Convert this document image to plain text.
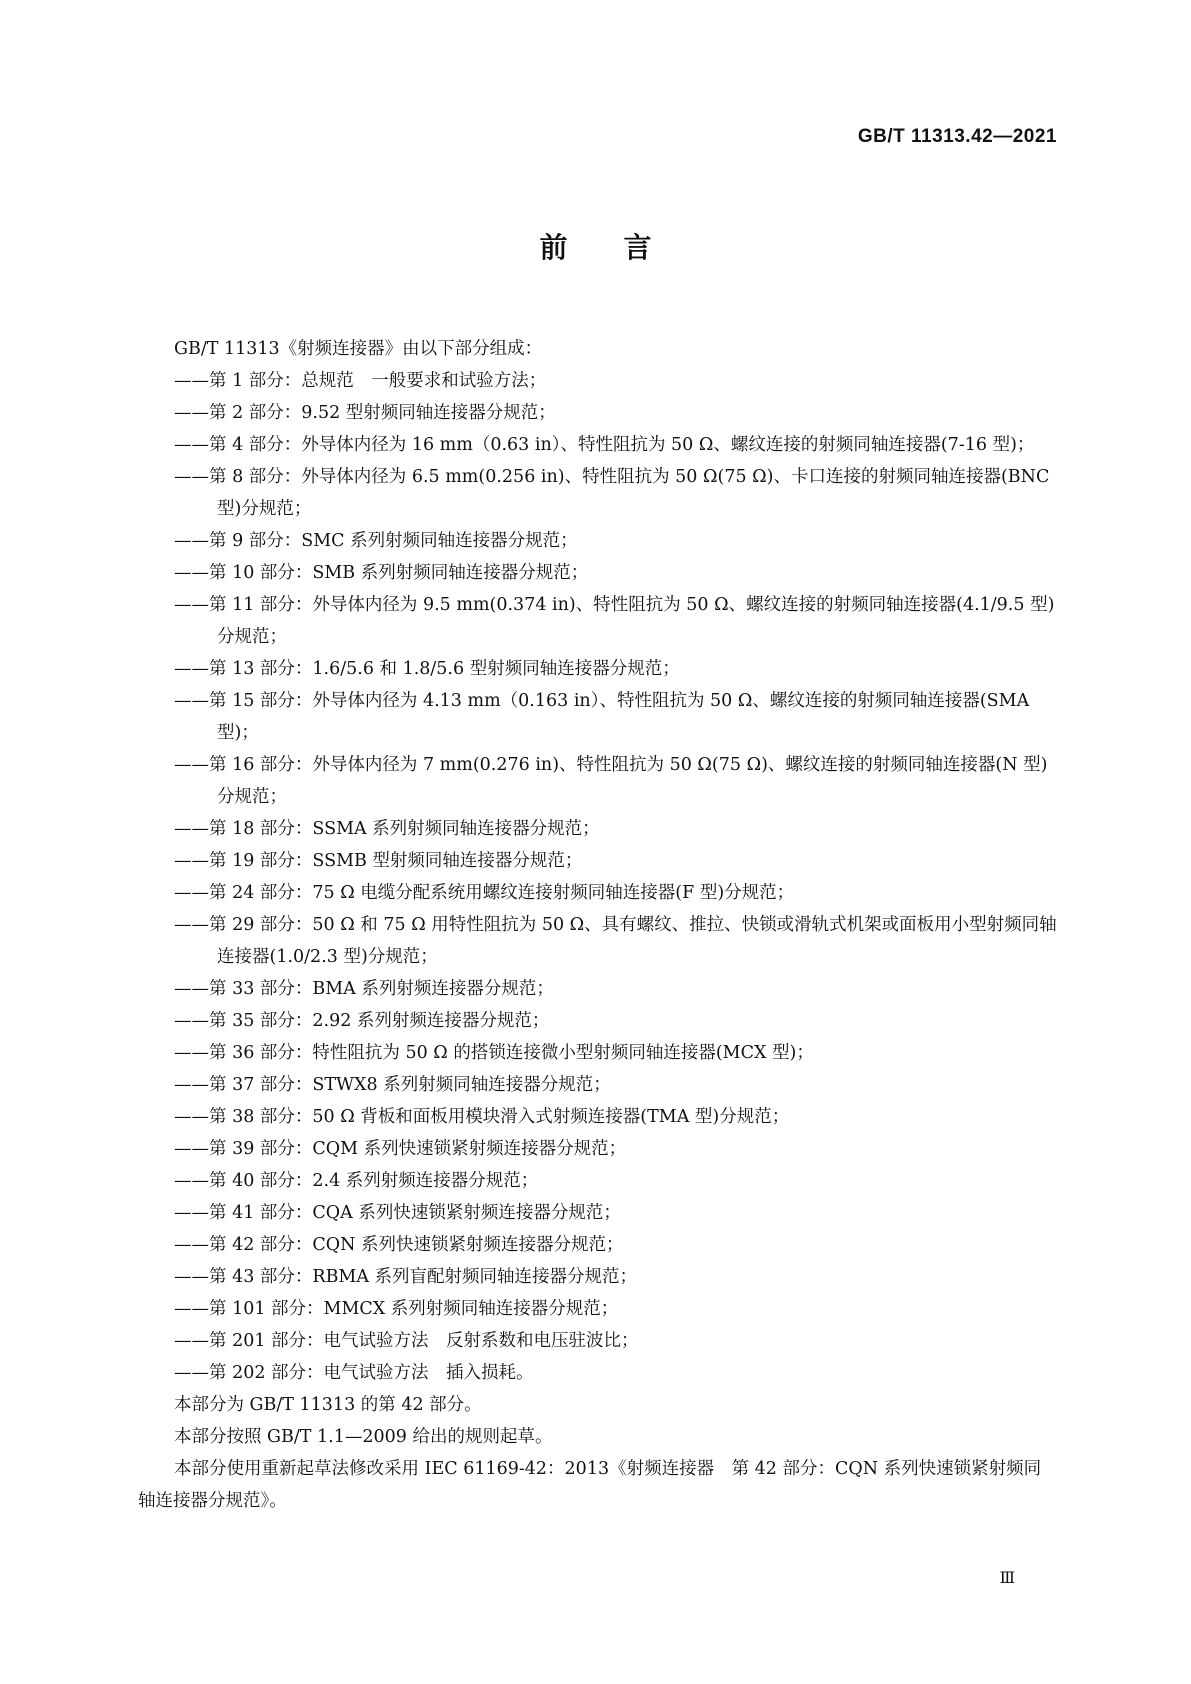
GB/T 11313.42—2021
前言

GB/T 11313《射频连接器》由以下部分组成：

——第 1 部分：总规范　一般要求和试验方法；

——第 2 部分：9.52 型射频同轴连接器分规范；

——第 4 部分：外导体内径为 16 mm（0.63 in）、特性阻抗为 50 Ω、螺纹连接的射频同轴连接器(7-16 型)；

——第 8 部分：外导体内径为 6.5 mm(0.256 in)、特性阻抗为 50 Ω(75 Ω)、卡口连接的射频同轴连接器(BNC 型)分规范；

——第 9 部分：SMC 系列射频同轴连接器分规范；

——第 10 部分：SMB 系列射频同轴连接器分规范；

——第 11 部分：外导体内径为 9.5 mm(0.374 in)、特性阻抗为 50 Ω、螺纹连接的射频同轴连接器(4.1/9.5 型)分规范；

——第 13 部分：1.6/5.6 和 1.8/5.6 型射频同轴连接器分规范；

——第 15 部分：外导体内径为 4.13 mm（0.163 in）、特性阻抗为 50 Ω、螺纹连接的射频同轴连接器(SMA 型)；

——第 16 部分：外导体内径为 7 mm(0.276 in)、特性阻抗为 50 Ω(75 Ω)、螺纹连接的射频同轴连接器(N 型)分规范；

——第 18 部分：SSMA 系列射频同轴连接器分规范；

——第 19 部分：SSMB 型射频同轴连接器分规范；

——第 24 部分：75 Ω 电缆分配系统用螺纹连接射频同轴连接器(F 型)分规范；

——第 29 部分：50 Ω 和 75 Ω 用特性阻抗为 50 Ω、具有螺纹、推拉、快锁或滑轨式机架或面板用小型射频同轴连接器(1.0/2.3 型)分规范；

——第 33 部分：BMA 系列射频连接器分规范；

——第 35 部分：2.92 系列射频连接器分规范；

——第 36 部分：特性阻抗为 50 Ω 的搭锁连接微小型射频同轴连接器(MCX 型)；

——第 37 部分：STWX8 系列射频同轴连接器分规范；

——第 38 部分：50 Ω 背板和面板用模块滑入式射频连接器(TMA 型)分规范；

——第 39 部分：CQM 系列快速锁紧射频连接器分规范；

——第 40 部分：2.4 系列射频连接器分规范；

——第 41 部分：CQA 系列快速锁紧射频连接器分规范；

——第 42 部分：CQN 系列快速锁紧射频连接器分规范；

——第 43 部分：RBMA 系列盲配射频同轴连接器分规范；

——第 101 部分：MMCX 系列射频同轴连接器分规范；

——第 201 部分：电气试验方法　反射系数和电压驻波比；

——第 202 部分：电气试验方法　插入损耗。

本部分为 GB/T 11313 的第 42 部分。

本部分按照 GB/T 1.1—2009 给出的规则起草。

本部分使用重新起草法修改采用 IEC 61169-42：2013《射频连接器　第 42 部分：CQN 系列快速锁紧射频同轴连接器分规范》。

Ⅲ
